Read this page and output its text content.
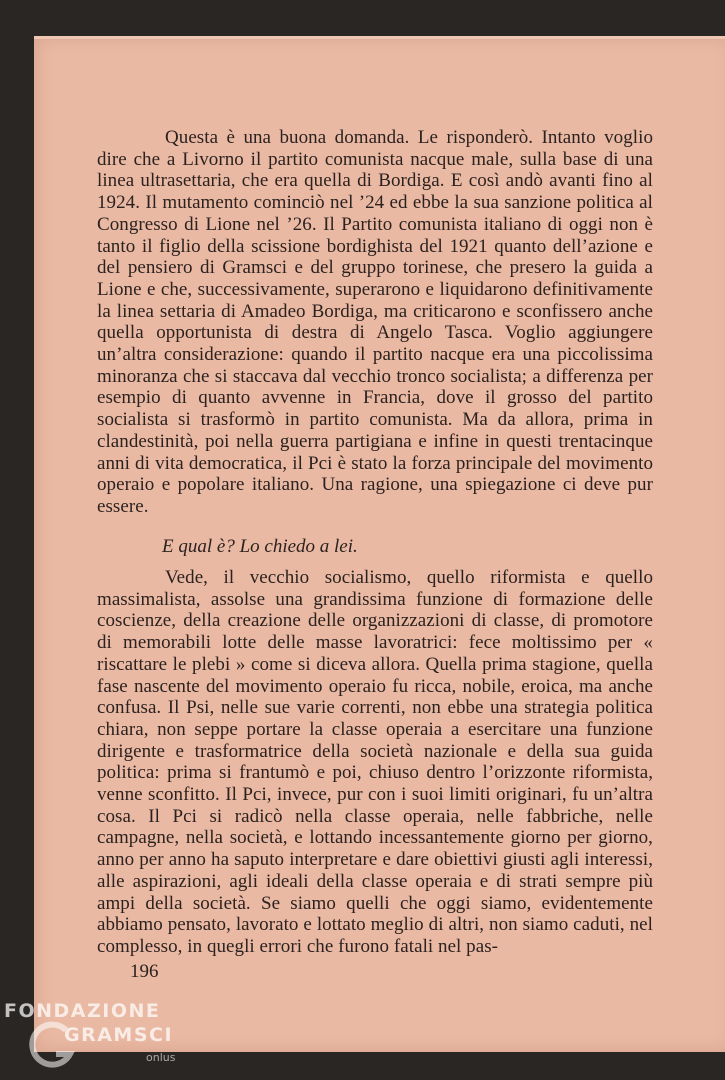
Questa è una buona domanda. Le risponderò. Intanto voglio dire che a Livorno il partito comunista nacque male, sulla base di una linea ultrasettaria, che era quella di Bordiga. E così andò avanti fino al 1924. Il mutamento cominciò nel ’24 ed ebbe la sua sanzione politica al Congresso di Lione nel ’26. Il Partito comunista italiano di oggi non è tanto il figlio della scissione bordighista del 1921 quanto dell’azione e del pensiero di Gramsci e del gruppo torinese, che presero la guida a Lione e che, successivamente, superarono e liquidarono definitivamente la linea settaria di Amadeo Bordiga, ma criticarono e sconfissero anche quella opportunista di destra di Angelo Tasca. Voglio aggiungere un’altra considerazione: quando il partito nacque era una piccolissima minoranza che si staccava dal vecchio tronco socialista; a differenza per esempio di quanto avvenne in Francia, dove il grosso del partito socialista si trasformò in partito comunista. Ma da allora, prima in clandestinità, poi nella guerra partigiana e infine in questi trentacinque anni di vita democratica, il Pci è stato la forza principale del movimento operaio e popolare italiano. Una ragione, una spiegazione ci deve pur essere.
E qual è? Lo chiedo a lei.
Vede, il vecchio socialismo, quello riformista e quello massimalista, assolse una grandissima funzione di formazione delle coscienze, della creazione delle organizzazioni di classe, di promotore di memorabili lotte delle masse lavoratrici: fece moltissimo per « riscattare le plebi » come si diceva allora. Quella prima stagione, quella fase nascente del movimento operaio fu ricca, nobile, eroica, ma anche confusa. Il Psi, nelle sue varie correnti, non ebbe una strategia politica chiara, non seppe portare la classe operaia a esercitare una funzione dirigente e trasformatrice della società nazionale e della sua guida politica: prima si frantumò e poi, chiuso dentro l’orizzonte riformista, venne sconfitto. Il Pci, invece, pur con i suoi limiti originari, fu un’altra cosa. Il Pci si radicò nella classe operaia, nelle fabbriche, nelle campagne, nella società, e lottando incessantemente giorno per giorno, anno per anno ha saputo interpretare e dare obiettivi giusti agli interessi, alle aspirazioni, agli ideali della classe operaia e di strati sempre più ampi della società. Se siamo quelli che oggi siamo, evidentemente abbiamo pensato, lavorato e lottato meglio di altri, non siamo caduti, nel complesso, in quegli errori che furono fatali nel pas-
196
FONDAZIONE
GRAMSCI
onlus
